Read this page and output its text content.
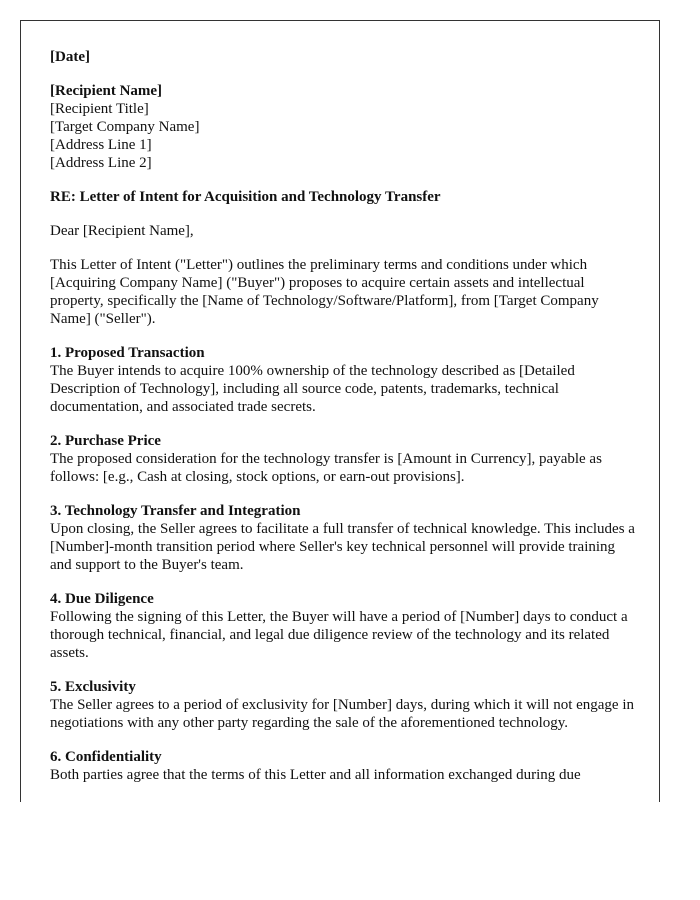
[Date]

[Recipient Name]
[Recipient Title]
[Target Company Name]
[Address Line 1]
[Address Line 2]

RE: Letter of Intent for Acquisition and Technology Transfer

Dear [Recipient Name],

This Letter of Intent ("Letter") outlines the preliminary terms and conditions under which [Acquiring Company Name] ("Buyer") proposes to acquire certain assets and intellectual property, specifically the [Name of Technology/Software/Platform], from [Target Company Name] ("Seller").

1. Proposed Transaction
The Buyer intends to acquire 100% ownership of the technology described as [Detailed Description of Technology], including all source code, patents, trademarks, technical documentation, and associated trade secrets.

2. Purchase Price
The proposed consideration for the technology transfer is [Amount in Currency], payable as follows: [e.g., Cash at closing, stock options, or earn-out provisions].

3. Technology Transfer and Integration
Upon closing, the Seller agrees to facilitate a full transfer of technical knowledge. This includes a [Number]-month transition period where Seller's key technical personnel will provide training and support to the Buyer's team.

4. Due Diligence
Following the signing of this Letter, the Buyer will have a period of [Number] days to conduct a thorough technical, financial, and legal due diligence review of the technology and its related assets.

5. Exclusivity
The Seller agrees to a period of exclusivity for [Number] days, during which it will not engage in negotiations with any other party regarding the sale of the aforementioned technology.

6. Confidentiality
Both parties agree that the terms of this Letter and all information exchanged during due
